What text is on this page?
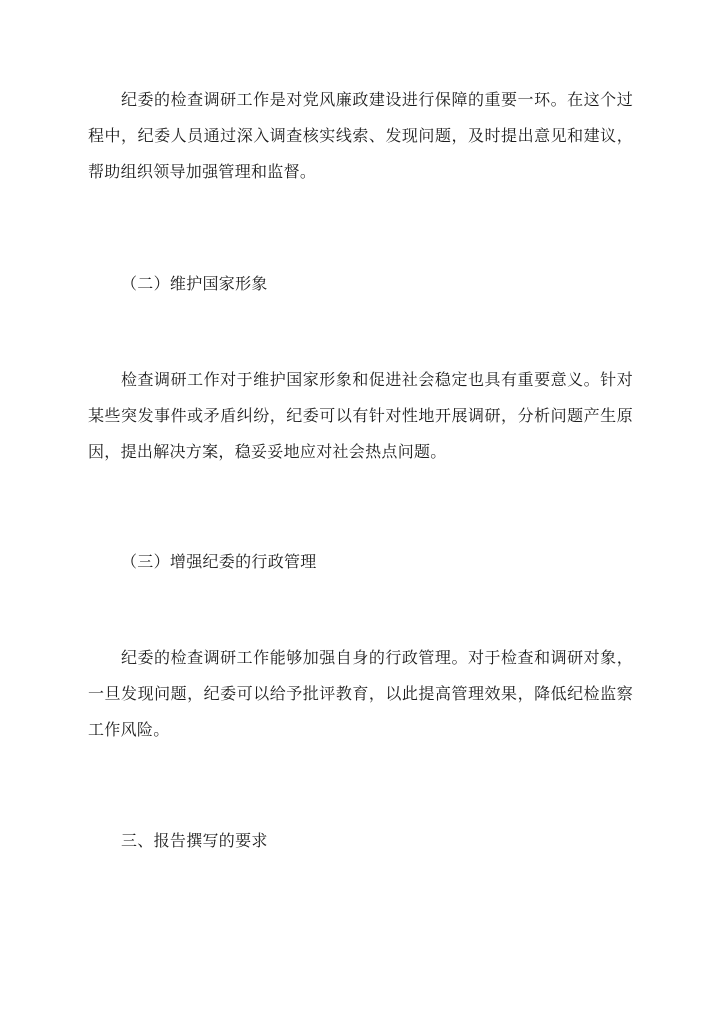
纪委的检查调研工作是对党风廉政建设进行保障的重要一环。在这个过程中，纪委人员通过深入调查核实线索、发现问题，及时提出意见和建议，帮助组织领导加强管理和监督。

（二）维护国家形象

检查调研工作对于维护国家形象和促进社会稳定也具有重要意义。针对某些突发事件或矛盾纠纷，纪委可以有针对性地开展调研，分析问题产生原因，提出解决方案，稳妥妥地应对社会热点问题。

（三）增强纪委的行政管理

纪委的检查调研工作能够加强自身的行政管理。对于检查和调研对象，一旦发现问题，纪委可以给予批评教育，以此提高管理效果，降低纪检监察工作风险。

三、报告撰写的要求
